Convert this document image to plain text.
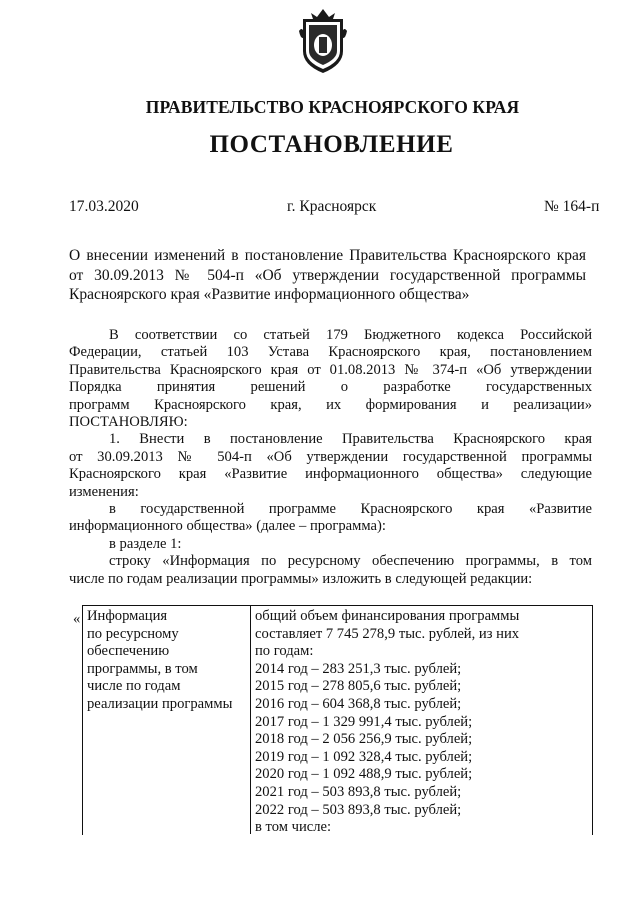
ПРАВИТЕЛЬСТВО КРАСНОЯРСКОГО КРАЯ
ПОСТАНОВЛЕНИЕ
17.03.2020	г. Красноярск	№ 164-п
О внесении изменений в постановление Правительства Красноярского края
от 30.09.2013 № 504-п «Об утверждении государственной программы
Красноярского края «Развитие информационного общества»
В соответствии со статьей 179 Бюджетного кодекса Российской
Федерации, статьей 103 Устава Красноярского края, постановлением
Правительства Красноярского края от 01.08.2013 № 374-п «Об утверждении
Порядка принятия решений о разработке государственных
программ Красноярского края, их формирования и реализации»
ПОСТАНОВЛЯЮ:
1. Внести в постановление Правительства Красноярского края
от 30.09.2013 № 504-п «Об утверждении государственной программы
Красноярского края «Развитие информационного общества» следующие
изменения:
в государственной программе Красноярского края «Развитие
информационного общества» (далее – программа):
в разделе 1:
строку «Информация по ресурсному обеспечению программы, в том
числе по годам реализации программы» изложить в следующей редакции:
« Информация
по ресурсному
обеспечению
программы, в том
числе по годам
реализации программы
общий объем финансирования программы
составляет 7 745 278,9 тыс. рублей, из них
по годам:
2014 год – 283 251,3 тыс. рублей;
2015 год – 278 805,6 тыс. рублей;
2016 год – 604 368,8 тыс. рублей;
2017 год – 1 329 991,4 тыс. рублей;
2018 год – 2 056 256,9 тыс. рублей;
2019 год – 1 092 328,4 тыс. рублей;
2020 год – 1 092 488,9 тыс. рублей;
2021 год – 503 893,8 тыс. рублей;
2022 год – 503 893,8 тыс. рублей;
в том числе:
